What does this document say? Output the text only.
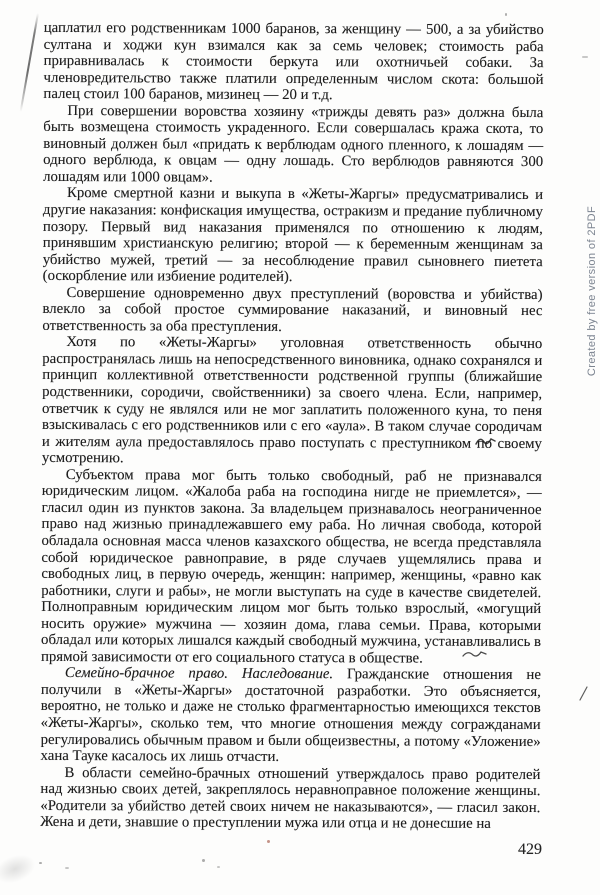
цаплатил его родственникам 1000 баранов, за женщину — 500, а за убийство султана и ходжи кун взимался как за семь человек; стоимость раба приравнивалась к стоимости беркута или охотничьей собаки. За членовредительство также платили определенным числом скота: большой палец стоил 100 баранов, мизинец — 20 и т.д.

При совершении воровства хозяину «трижды девять раз» должна была быть возмещена стоимость украденного. Если совершалась кража скота, то виновный должен был «придать к верблюдам одного пленного, к лошадям — одного верблюда, к овцам — одну лошадь. Сто верблюдов равняются 300 лошадям или 1000 овцам».

Кроме смертной казни и выкупа в «Жеты-Жаргы» предусматривались и другие наказания: конфискация имущества, остракизм и предание публичному позору. Первый вид наказания применялся по отношению к людям, принявшим христианскую религию; второй — к беременным женщинам за убийство мужей, третий — за несоблюдение правил сыновнего пиетета (оскорбление или избиение родителей).

Совершение одновременно двух преступлений (воровства и убийства) влекло за собой простое суммирование наказаний, и виновный нес ответственность за оба преступления.

Хотя по «Жеты-Жаргы» уголовная ответственность обычно распространялась лишь на непосредственного виновника, однако сохранялся и принцип коллективной ответственности родственной группы (ближайшие родственники, сородичи, свойственники) за своего члена. Если, например, ответчик к суду не являлся или не мог заплатить положенного куна, то пеня взыскивалась с его родственников или с его «аула». В таком случае сородичам и жителям аула предоставлялось право поступать с преступником по своему усмотрению.

Субъектом права мог быть только свободный, раб не признавался юридическим лицом. «Жалоба раба на господина нигде не приемлется», — гласил один из пунктов закона. За владельцем признавалось неограниченное право над жизнью принадлежавшего ему раба. Но личная свобода, которой обладала основная масса членов казахского общества, не всегда представляла собой юридическое равноправие, в ряде случаев ущемлялись права и свободных лиц, в первую очередь, женщин: например, женщины, «равно как работники, слуги и рабы», не могли выступать на суде в качестве свидетелей. Полноправным юридическим лицом мог быть только взрослый, «могущий носить оружие» мужчина — хозяин дома, глава семьи. Права, которыми обладал или которых лишался каждый свободный мужчина, устанавливались в прямой зависимости от его социального статуса в обществе.

Семейно-брачное право. Наследование. Гражданские отношения не получили в «Жеты-Жаргы» достаточной разработки. Это объясняется, вероятно, не только и даже не столько фрагментарностью имеющихся текстов «Жеты-Жаргы», сколько тем, что многие отношения между согражданами регулировались обычным правом и были общеизвестны, а потому «Уложение» хана Тауке касалось их лишь отчасти.

В области семейно-брачных отношений утверждалось право родителей над жизнью своих детей, закреплялось неравноправное положение женщины. «Родители за убийство детей своих ничем не наказываются», — гласил закон. Жена и дети, знавшие о преступлении мужа или отца и не донесшие на

429
Created by free version of 2PDF
